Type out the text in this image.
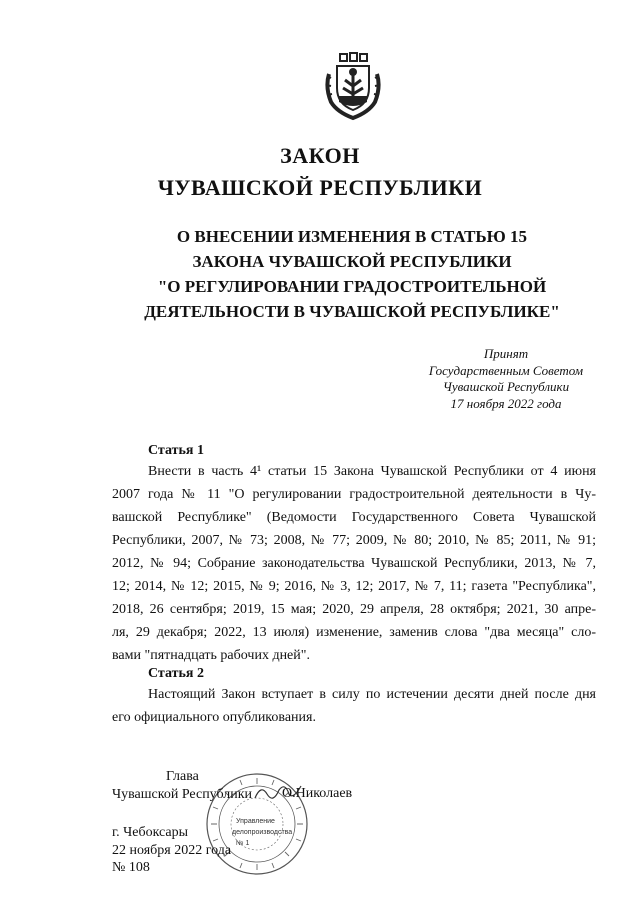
ЗАКОН
ЧУВАШСКОЙ РЕСПУБЛИКИ
О ВНЕСЕНИИ ИЗМЕНЕНИЯ В СТАТЬЮ 15
ЗАКОНА ЧУВАШСКОЙ РЕСПУБЛИКИ
"О РЕГУЛИРОВАНИИ ГРАДОСТРОИТЕЛЬНОЙ
ДЕЯТЕЛЬНОСТИ В ЧУВАШСКОЙ РЕСПУБЛИКЕ"
Принят
Государственным Советом
Чувашской Республики
17 ноября 2022 года
Статья 1
Внести в часть 4¹ статьи 15 Закона Чувашской Республики от 4 июня
2007 года № 11 "О регулировании градостроительной деятельности в Чу-
вашской Республике" (Ведомости Государственного Совета Чувашской
Республики, 2007, № 73; 2008, № 77; 2009, № 80; 2010, № 85; 2011, № 91;
2012, № 94; Собрание законодательства Чувашской Республики, 2013, № 7,
12; 2014, № 12; 2015, № 9; 2016, № 3, 12; 2017, № 7, 11; газета "Республика",
2018, 26 сентября; 2019, 15 мая; 2020, 29 апреля, 28 октября; 2021, 30 апре-
ля, 29 декабря; 2022, 13 июля) изменение, заменив слова "два месяца" сло-
вами "пятнадцать рабочих дней".
Статья 2
Настоящий Закон вступает в силу по истечении десяти дней после дня
его официального опубликования.
Управление
делопроизводства
№ 1
Глава
Чувашской Республики О.Николаев
г. Чебоксары
22 ноября 2022 года
№ 108
